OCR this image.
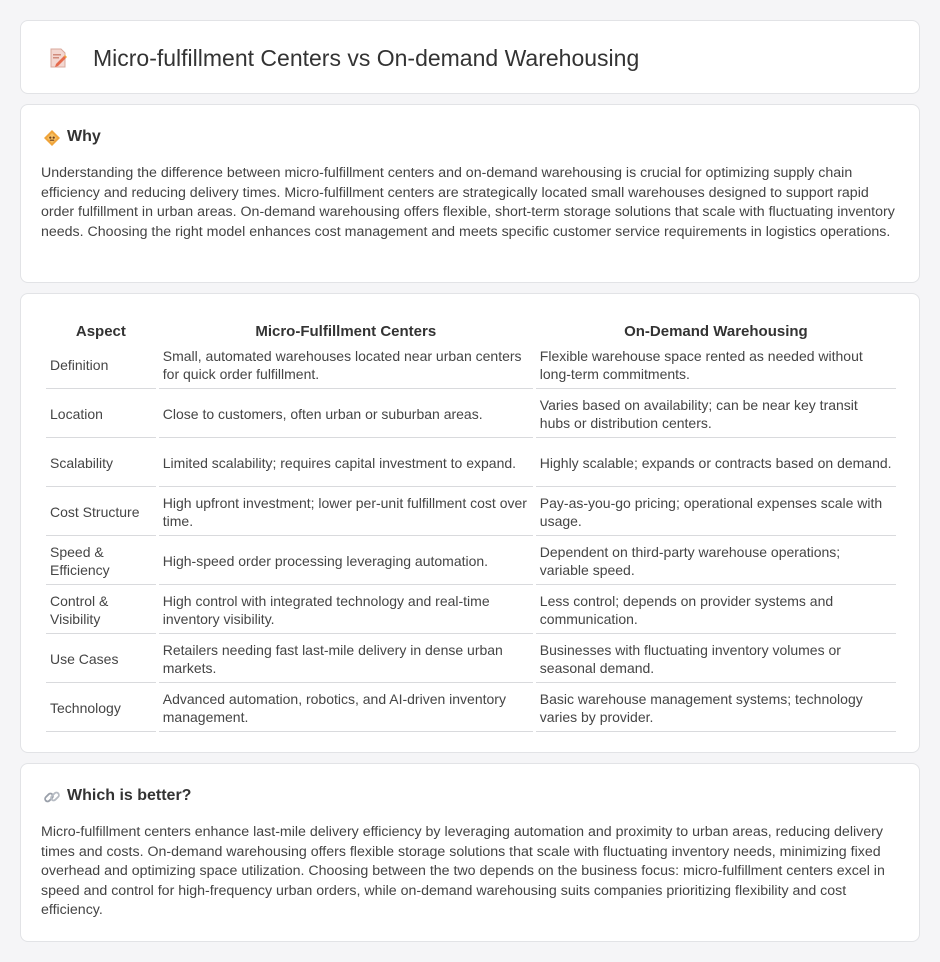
Micro-fulfillment Centers vs On-demand Warehousing
Why

Understanding the difference between micro-fulfillment centers and on-demand warehousing is crucial for optimizing supply chain efficiency and reducing delivery times. Micro-fulfillment centers are strategically located small warehouses designed to support rapid order fulfillment in urban areas. On-demand warehousing offers flexible, short-term storage solutions that scale with fluctuating inventory needs. Choosing the right model enhances cost management and meets specific customer service requirements in logistics operations.

Aspect	Micro-Fulfillment Centers	On-Demand Warehousing
Definition	Small, automated warehouses located near urban centers for quick order fulfillment.	Flexible warehouse space rented as needed without long-term commitments.
Location	Close to customers, often urban or suburban areas.	Varies based on availability; can be near key transit hubs or distribution centers.
Scalability	Limited scalability; requires capital investment to expand.	Highly scalable; expands or contracts based on demand.
Cost Structure	High upfront investment; lower per-unit fulfillment cost over time.	Pay-as-you-go pricing; operational expenses scale with usage.
Speed & Efficiency	High-speed order processing leveraging automation.	Dependent on third-party warehouse operations; variable speed.
Control & Visibility	High control with integrated technology and real-time inventory visibility.	Less control; depends on provider systems and communication.
Use Cases	Retailers needing fast last-mile delivery in dense urban markets.	Businesses with fluctuating inventory volumes or seasonal demand.
Technology	Advanced automation, robotics, and AI-driven inventory management.	Basic warehouse management systems; technology varies by provider.
Which is better?

Micro-fulfillment centers enhance last-mile delivery efficiency by leveraging automation and proximity to urban areas, reducing delivery times and costs. On-demand warehousing offers flexible storage solutions that scale with fluctuating inventory needs, minimizing fixed overhead and optimizing space utilization. Choosing between the two depends on the business focus: micro-fulfillment centers excel in speed and control for high-frequency urban orders, while on-demand warehousing suits companies prioritizing flexibility and cost efficiency.
